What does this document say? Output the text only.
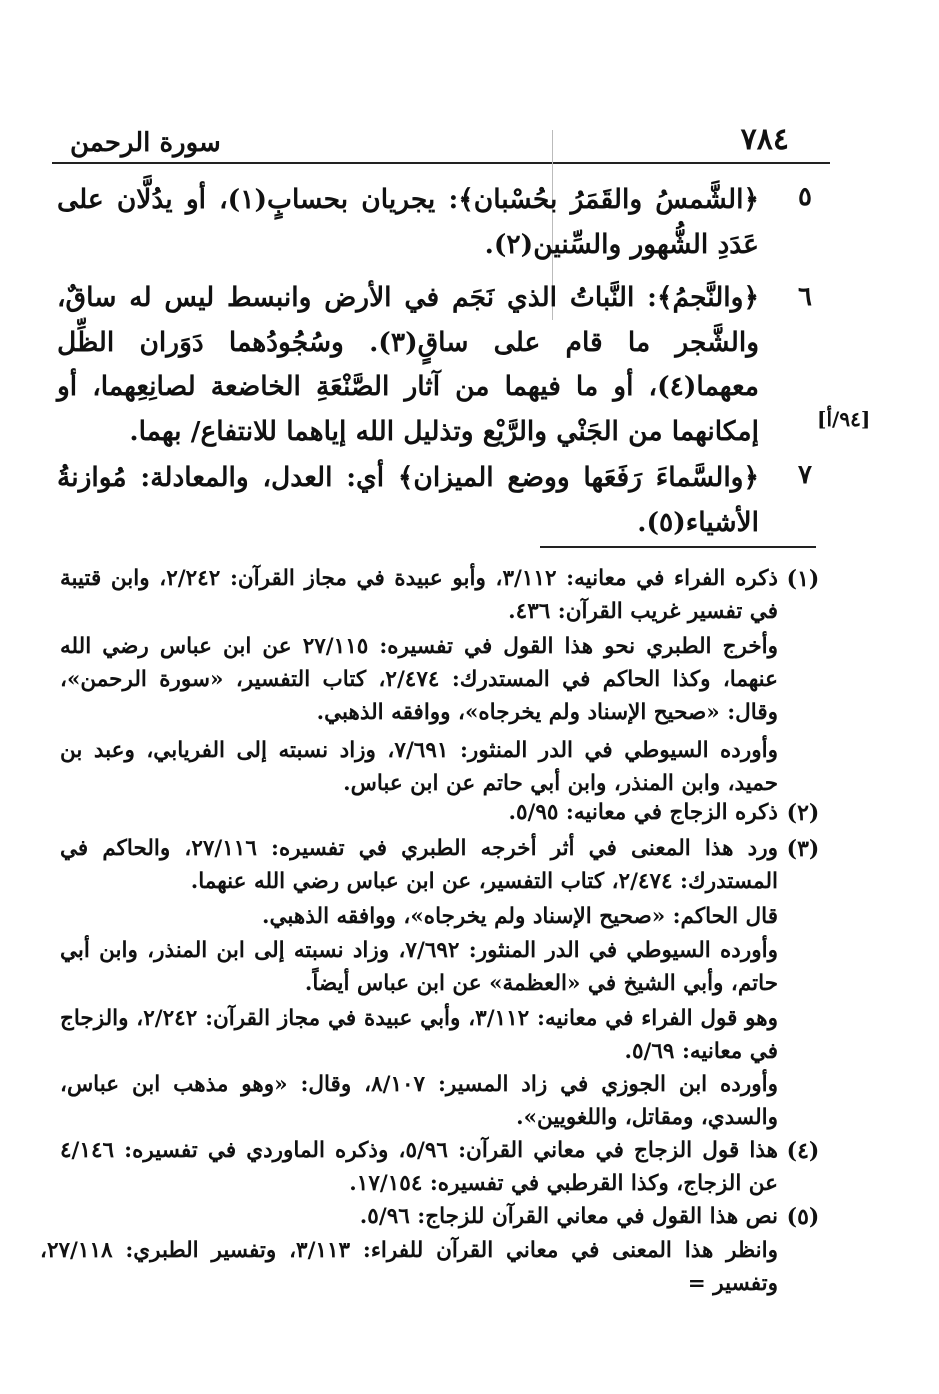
سورة الرحمن	٧٨٤
٥
﴿الشَّمسُ والقَمَرُ بحُسْبان﴾: يجريان بحسابٍ(١)، أو يدُلَّان على عَدَدِ الشُّهور والسِّنين(٢).
٦
﴿والنَّجمُ﴾: النَّباتُ الذي نَجَم في الأرض وانبسط ليس له ساقٌ، والشَّجر ما قام على ساقٍ(٣). وسُجُودُهما دَوَران الظِّل معهما(٤)، أو ما فيهما من آثار الصَّنْعَةِ الخاضعة لصانِعِهما، أو إمكانهما من الجَنْي والرَّيْع وتذليل الله إياهما للانتفاع/ بهما.	[٩٤/أ]
٧
﴿والسَّماءَ رَفَعَها ووضع الميزان﴾ أي: العدل، والمعادلة: مُوازنةُ الأشياء(٥).
(١)
ذكره الفراء في معانيه: ٣/١١٢، وأبو عبيدة في مجاز القرآن: ٢/٢٤٢، وابن قتيبة في تفسير غريب القرآن: ٤٣٦.
وأخرج الطبري نحو هذا القول في تفسيره: ٢٧/١١٥ عن ابن عباس رضي الله عنهما، وكذا الحاكم في المستدرك: ٢/٤٧٤، كتاب التفسير، «سورة الرحمن»، وقال: «صحيح الإسناد ولم يخرجاه»، ووافقه الذهبي.
وأورده السيوطي في الدر المنثور: ٧/٦٩١، وزاد نسبته إلى الفريابي، وعبد بن حميد، وابن المنذر، وابن أبي حاتم عن ابن عباس.
(٢)
ذكره الزجاج في معانيه: ٥/٩٥.
(٣)
ورد هذا المعنى في أثر أخرجه الطبري في تفسيره: ٢٧/١١٦، والحاكم في المستدرك: ٢/٤٧٤، كتاب التفسير، عن ابن عباس رضي الله عنهما.
قال الحاكم: «صحيح الإسناد ولم يخرجاه»، ووافقه الذهبي.
وأورده السيوطي في الدر المنثور: ٧/٦٩٢، وزاد نسبته إلى ابن المنذر، وابن أبي حاتم، وأبي الشيخ في «العظمة» عن ابن عباس أيضاً.
وهو قول الفراء في معانيه: ٣/١١٢، وأبي عبيدة في مجاز القرآن: ٢/٢٤٢، والزجاج في معانيه: ٥/٦٩.
وأورده ابن الجوزي في زاد المسير: ٨/١٠٧، وقال: «وهو مذهب ابن عباس، والسدي، ومقاتل، واللغويين».
(٤)
هذا قول الزجاج في معاني القرآن: ٥/٩٦، وذكره الماوردي في تفسيره: ٤/١٤٦ عن الزجاج، وكذا القرطبي في تفسيره: ١٧/١٥٤.
(٥)
نص هذا القول في معاني القرآن للزجاج: ٥/٩٦.
وانظر هذا المعنى في معاني القرآن للفراء: ٣/١١٣، وتفسير الطبري: ٢٧/١١٨، وتفسير =
